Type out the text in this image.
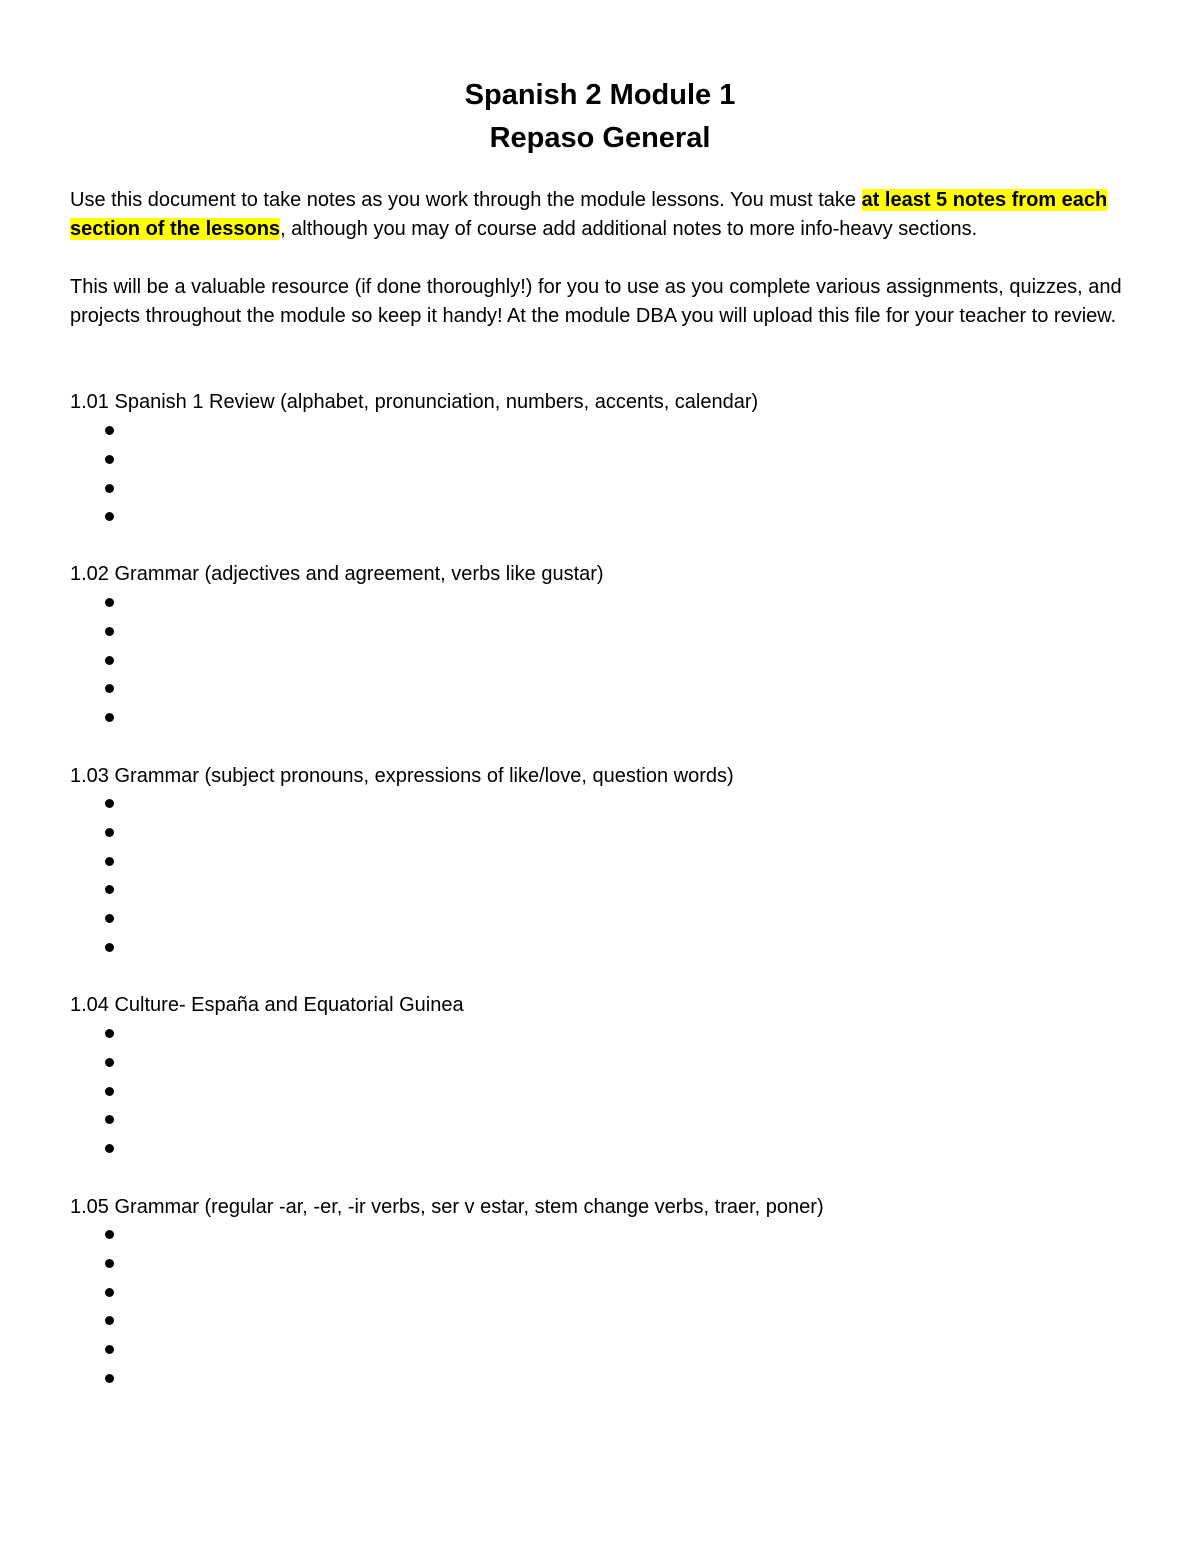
Spanish 2 Module 1
Repaso General
Use this document to take notes as you work through the module lessons. You must take at least 5 notes from each section of the lessons, although you may of course add additional notes to more info-heavy sections.
This will be a valuable resource (if done thoroughly!) for you to use as you complete various assignments, quizzes, and projects throughout the module so keep it handy! At the module DBA you will upload this file for your teacher to review.
1.01 Spanish 1 Review (alphabet, pronunciation, numbers, accents, calendar)
1.02 Grammar (adjectives and agreement, verbs like gustar)
1.03 Grammar (subject pronouns, expressions of like/love, question words)
1.04 Culture- España and Equatorial Guinea
1.05 Grammar (regular -ar, -er, -ir verbs, ser v estar, stem change verbs, traer, poner)
